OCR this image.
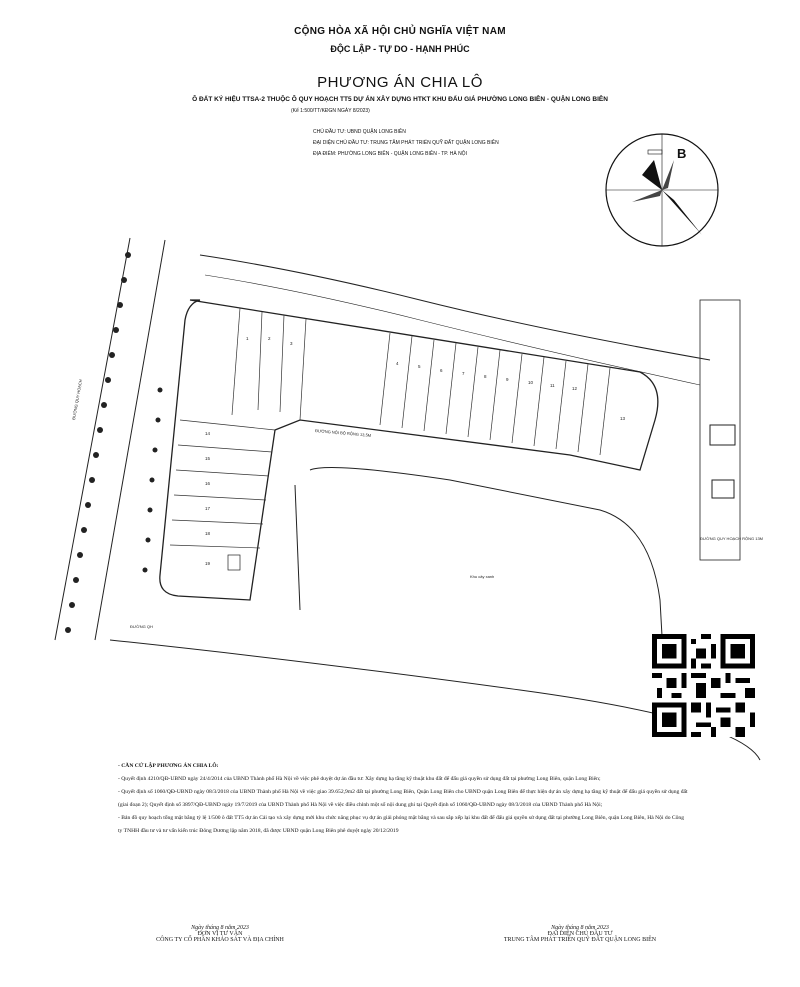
CỘNG HÒA XÃ HỘI CHỦ NGHĨA VIỆT NAM
ĐỘC LẬP - TỰ DO - HẠNH PHÚC
PHƯƠNG ÁN CHIA LÔ
Ô ĐẤT KÝ HIỆU TTSA-2 THUỘC Ô QUY HOẠCH TT5 DỰ ÁN XÂY DỰNG HTKT KHU ĐẤU GIÁ PHƯỜNG LONG BIÊN - QUẬN LONG BIÊN
(Kể 1:500/TT/KĐGN NGÀY 8/2023)
CHỦ ĐẦU TƯ: UBND QUẬN LONG BIÊN
ĐẠI DIỆN CHỦ ĐẦU TƯ: TRUNG TÂM PHÁT TRIỂN QUỸ ĐẤT QUẬN LONG BIÊN
ĐỊA ĐIỂM: PHƯỜNG LONG BIÊN - QUẬN LONG BIÊN - TP. HÀ NỘI
1	2
3
4
5
6
7
8
9
10
11
12
13
14
15
16
17
18
19
ĐƯỜNG NỘI BỘ RỘNG 13,5M
Khu cây xanh
ĐƯỜNG QUY HOẠCH RỘNG 13M
ĐƯỜNG QUY HOẠCH
ĐƯỜNG QH
B
- CĂN CỨ LẬP PHƯƠNG ÁN CHIA LÔ:
- Quyết định 4210/QĐ-UBND ngày 24/4/2014 của UBND Thành phố Hà Nội về việc phê duyệt dự án đầu tư: Xây dựng hạ tầng kỹ thuật khu đất để đấu giá quyền sử dụng đất tại phường Long Biên, quận Long Biên;
- Quyết định số 1060/QĐ-UBND ngày 08/3/2018 của UBND Thành phố Hà Nội về việc giao 39.652,9m2 đất tại phường Long Biên, Quận Long Biên cho UBND quận Long Biên để thực hiện dự án xây dựng hạ tầng kỹ thuật để đấu giá quyền sử dụng đất (giai đoạn 2); Quyết định số 3897/QĐ-UBND ngày 19/7/2019 của UBND Thành phố Hà Nội về việc điều chỉnh một số nội dung ghi tại Quyết định số 1060/QĐ-UBND ngày 08/3/2018 của UBND Thành phố Hà Nội;
- Bản đồ quy hoạch tổng mặt bằng tỷ lệ 1/500 ô đất TT5 dự án Cải tạo và xây dựng mới khu chức năng phục vụ dự án giải phóng mặt bằng và sau sắp xếp lại khu đất để đấu giá quyền sử dụng đất tại phường Long Biên, quận Long Biên, Hà Nội do Công ty TNHH đầu tư và tư vấn kiến trúc Đông Dương lập năm 2018, đã được UBND quận Long Biên phê duyệt ngày 20/12/2019
Ngày tháng 8 năm 2023
ĐƠN VỊ TƯ VẤN
CÔNG TY CỔ PHẦN KHẢO SÁT VÀ ĐỊA CHÍNH
Ngày tháng 8 năm 2023
ĐẠI DIỆN CHỦ ĐẦU TƯ
TRUNG TÂM PHÁT TRIỂN QUỸ ĐẤT QUẬN LONG BIÊN
